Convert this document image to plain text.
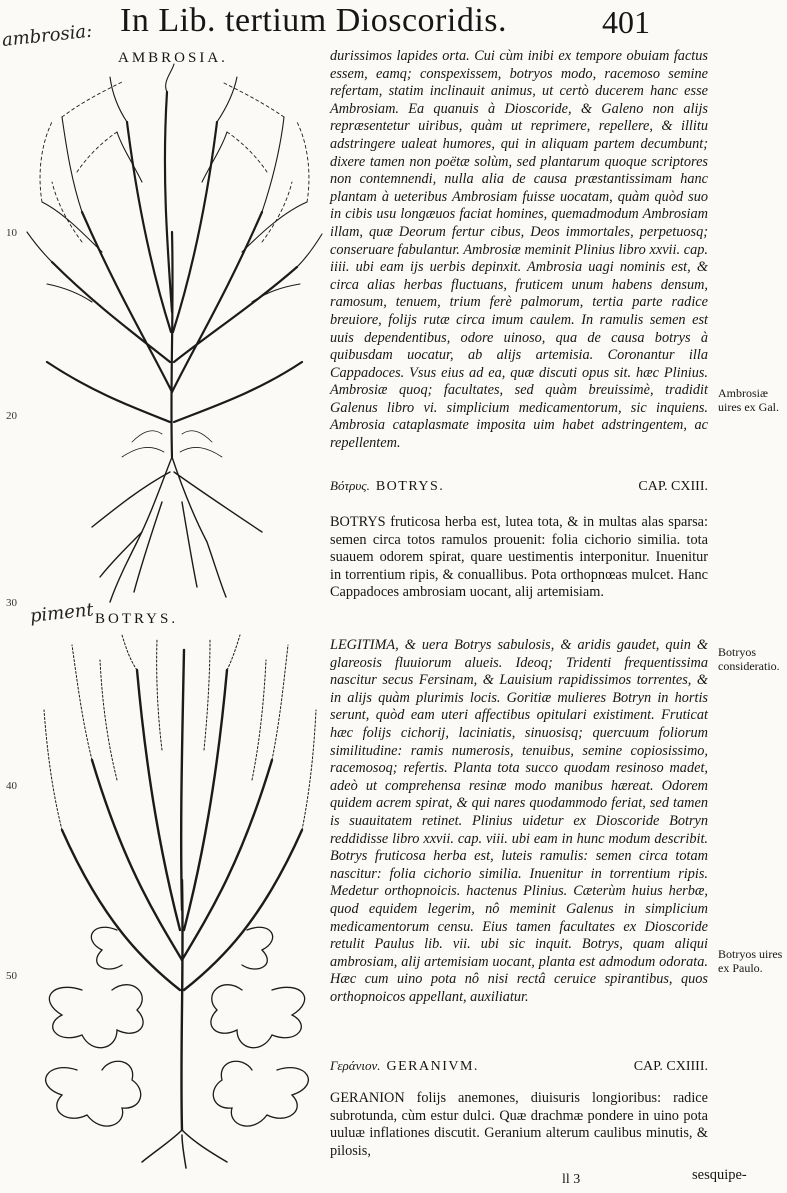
In Lib. tertium Dioscoridis.	401
ambrosia:
piment
AMBROSIA.
BOTRYS.
10
20
30
40
50

durissimos lapides orta. Cui cùm inibi ex tempore obuiam factus essem, eamq; conspexissem, botryos modo, racemoso semine refertam, statim inclinauit animus, ut certò ducerem hanc esse Ambrosiam. Ea quanuis à Dioscoride, & Galeno non alijs repræsentetur uiribus, quàm ut reprimere, repellere, & illitu adstringere ualeat humores, qui in aliquam partem decumbunt; dixere tamen non poëtæ solùm, sed plantarum quoque scriptores non contemnendi, nulla alia de causa præstantissimam hanc plantam à ueteribus Ambrosiam fuisse uocatam, quàm quòd suo in cibis usu longæuos faciat homines, quemadmodum Ambrosiam illam, quæ Deorum fertur cibus, Deos immortales, perpetuosq; conseruare fabulantur. Ambrosiæ meminit Plinius libro xxvii. cap. iiii. ubi eam ijs uerbis depinxit. Ambrosia uagi nominis est, & circa alias herbas fluctuans, fruticem unum habens densum, ramosum, tenuem, trium ferè palmorum, tertia parte radice breuiore, folijs rutæ circa imum caulem. In ramulis semen est uuis dependentibus, odore uinoso, qua de causa botrys à quibusdam uocatur, ab alijs artemisia. Coronantur illa Cappadoces. Vsus eius ad ea, quæ discuti opus sit. hæc Plinius. Ambrosiæ quoq; facultates, sed quàm breuissimè, tradidit Galenus libro vi. simplicium medicamentorum, sic inquiens. Ambrosia cataplasmate imposita uim habet adstringentem, ac repellentem.

Βότρυς. BOTRYS.	CAP. CXIII.

BOTRYS fruticosa herba est, lutea tota, & in multas alas sparsa: semen circa totos ramulos prouenit: folia cichorio similia. tota suauem odorem spirat, quare uestimentis interponitur. Inuenitur in torrentium ripis, & conuallibus. Pota orthopnœas mulcet. Hanc Cappadoces ambrosiam uocant, alij artemisiam.

LEGITIMA, & uera Botrys sabulosis, & aridis gaudet, quin & glareosis fluuiorum alueis. Ideoq; Tridenti frequentissima nascitur secus Fersinam, & Lauisium rapidissimos torrentes, & in alijs quàm plurimis locis. Goritiæ mulieres Botryn in hortis serunt, quòd eam uteri affectibus opitulari existiment. Fruticat hæc folijs cichorij, laciniatis, sinuosisq; quercuum foliorum similitudine: ramis numerosis, tenuibus, semine copiosissimo, racemosoq; refertis. Planta tota succo quodam resinoso madet, adeò ut comprehensa resinæ modo manibus hæreat. Odorem quidem acrem spirat, & qui nares quodammodo feriat, sed tamen is suauitatem retinet. Plinius uidetur ex Dioscoride Botryn reddidisse libro xxvii. cap. viii. ubi eam in hunc modum describit. Botrys fruticosa herba est, luteis ramulis: semen circa totam nascitur: folia cichorio similia. Inuenitur in torrentium ripis. Medetur orthopnoicis. hactenus Plinius. Cæterùm huius herbæ, quod equidem legerim, nô meminit Galenus in simplicium medicamentorum censu. Eius tamen facultates ex Dioscoride retulit Paulus lib. vii. ubi sic inquit. Botrys, quam aliqui ambrosiam, alij artemisiam uocant, planta est admodum odorata. Hæc cum uino pota nô nisi rectâ ceruice spirantibus, quos orthopnoicos appellant, auxiliatur.

Γεράνιον. GERANIVM.	CAP. CXIIII.

GERANION folijs anemones, diuisuris longioribus: radice subrotunda, cùm estur dulci. Quæ drachmæ pondere in uino pota uuluæ inflationes discutit. Geranium alterum caulibus minutis, & pilosis,

Ambrosiæ uires ex Gal.
Botryos consideratio.
Botryos uires ex Paulo.
ll 3	sesquipe-
